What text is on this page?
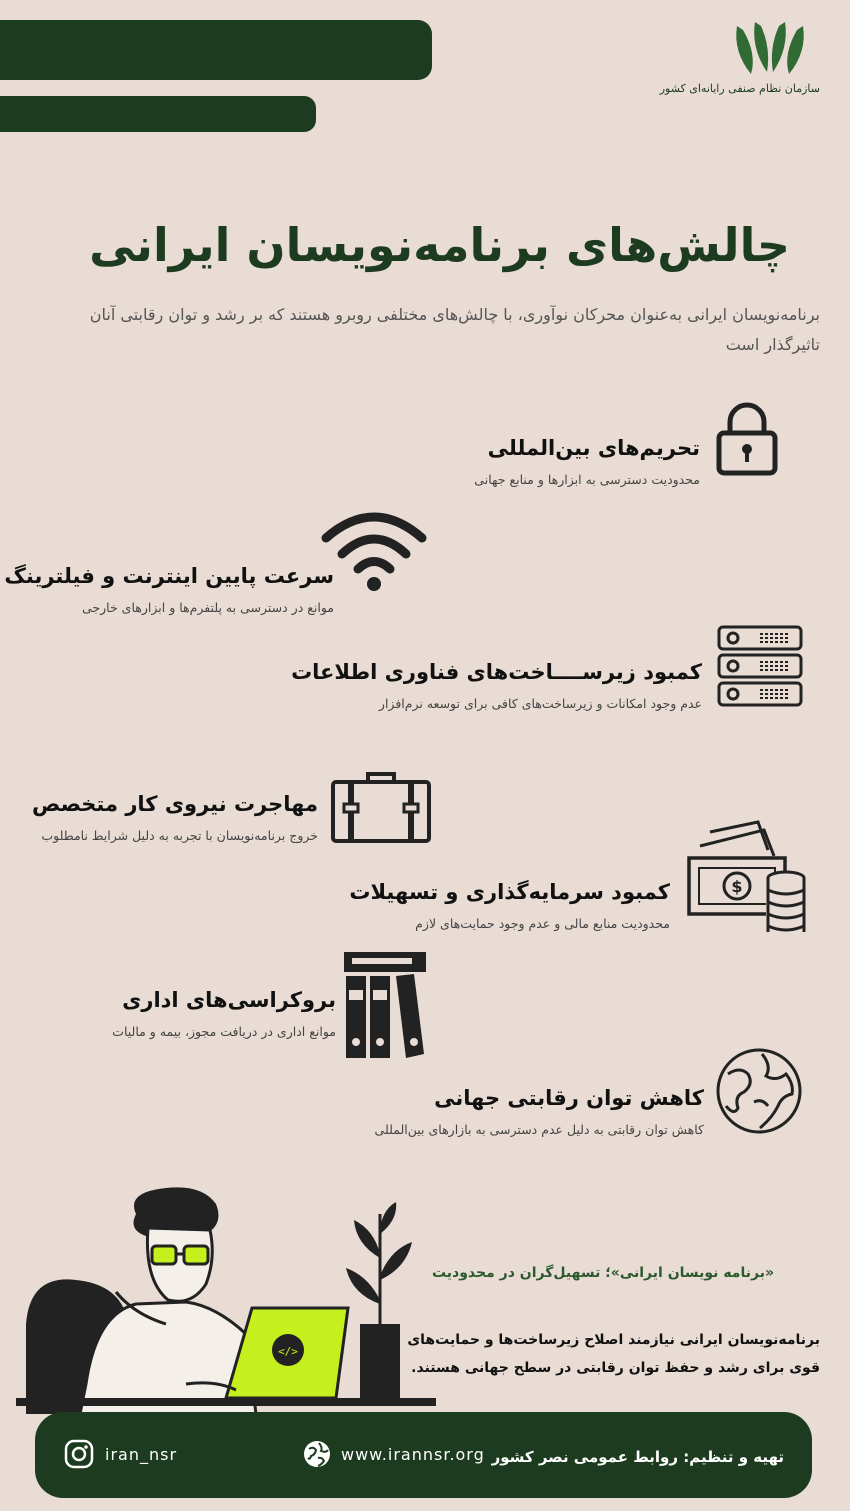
سازمان نظام صنفی رایانه‌ای کشور
چالش‌های برنامه‌نویسان ایرانی

برنامه‌نویسان ایرانی به‌عنوان محرکان نوآوری، با چالش‌های مختلفی روبرو هستند که بر رشد و توان رقابتی آنان تاثیرگذار است

تحریم‌های بین‌المللی
محدودیت دسترسی به ابزارها و منابع جهانی
سرعت پایین اینترنت و فیلترینگ
موانع در دسترسی به پلتفرم‌ها و ابزارهای خارجی
کمبود زیرســــاخت‌های فناوری اطلاعات
عدم وجود امکانات و زیرساخت‌های کافی برای توسعه نرم‌افزار
مهاجرت نیروی کار متخصص
خروج برنامه‌نویسان با تجربه به دلیل شرایط نامطلوب
$
کمبود سرمایه‌گذاری و تسهیلات
محدودیت منابع مالی و عدم وجود حمایت‌های لازم
بروکراسی‌های اداری
موانع اداری در دریافت مجوز، بیمه و مالیات
کاهش توان رقابتی جهانی
کاهش توان رقابتی به دلیل عدم دسترسی به بازارهای بین‌المللی
</>
«برنامه نویسان ایرانی»؛ تسهیل‌گران در محدودیت
برنامه‌نویسان ایرانی نیازمند اصلاح زیرساخت‌ها و حمایت‌های قوی برای رشد و حفظ توان رقابتی در سطح جهانی هستند.
iran_nsr	www.irannsr.org تهیه و تنظیم: روابط عمومی نصر کشور
